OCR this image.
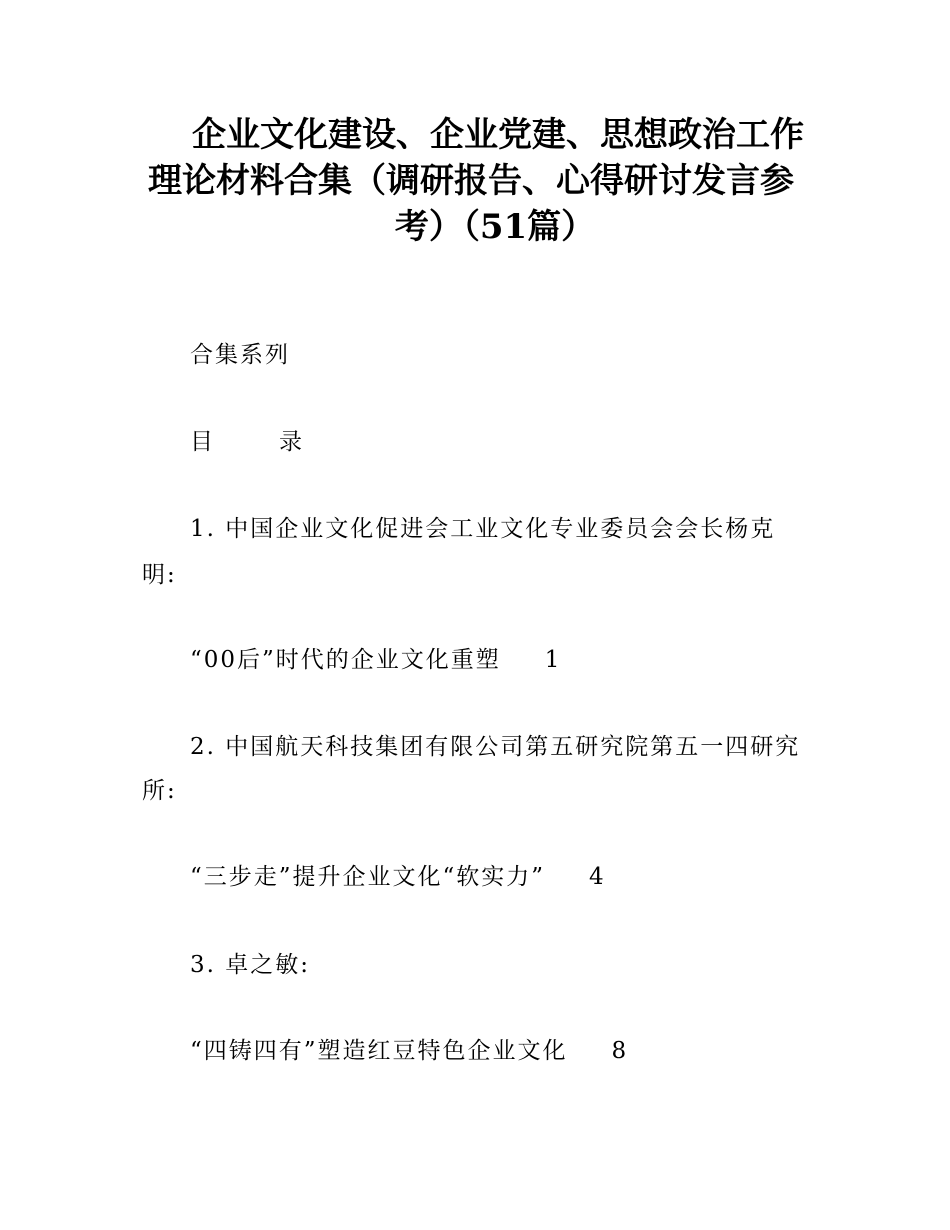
企业文化建设、企业党建、思想政治工作
理论材料合集（调研报告、心得研讨发言参
考）（51篇）
合集系列
目	录
1. 中国企业文化促进会工业文化专业委员会会长杨克
明:
“00后”时代的企业文化重塑 1
2. 中国航天科技集团有限公司第五研究院第五一四研究
所:
“三步走”提升企业文化“软实力” 4
3. 卓之敏:
“四铸四有”塑造红豆特色企业文化 8
